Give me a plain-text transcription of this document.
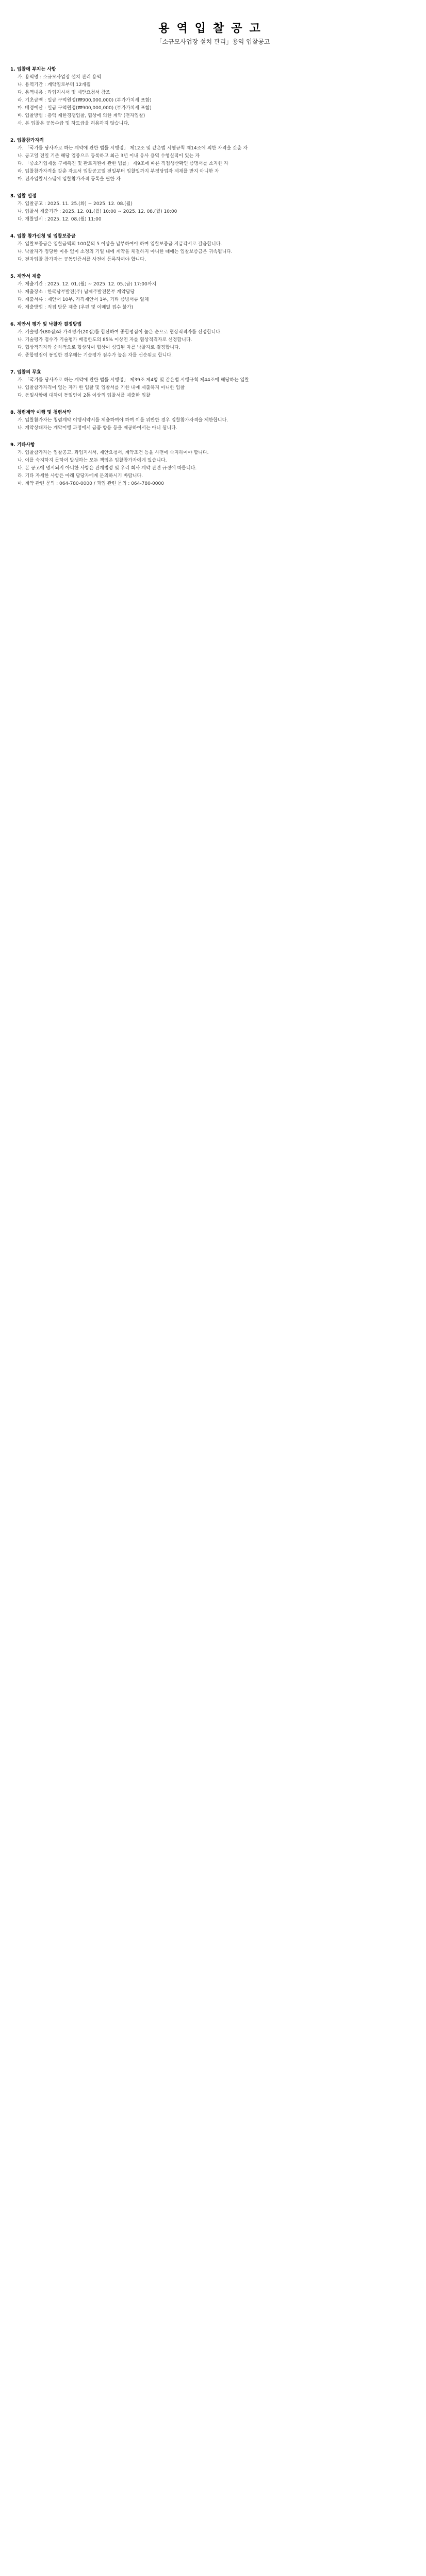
용역입찰공고
「소규모사업장 설치 관리」용역 입찰공고

1. 입찰에 부치는 사항

가. 용역명 : 소규모사업장 설치 관리 용역

나. 용역기간 : 계약일로부터 12개월

다. 용역내용 : 과업지시서 및 제안요청서 참조

라. 기초금액 : 일금 구억원정(₩900,000,000) (부가가치세 포함)

마. 배정예산 : 일금 구억원정(₩900,000,000) (부가가치세 포함)

바. 입찰방법 : 총액 제한경쟁입찰, 협상에 의한 계약 (전자입찰)

사. 본 입찰은 공동수급 및 하도급을 허용하지 않습니다.

2. 입찰참가자격

가. 「국가를 당사자로 하는 계약에 관한 법률 시행령」 제12조 및 같은법 시행규칙 제14조에 의한 자격을 갖춘 자

나. 공고일 전일 기준 해당 업종으로 등록하고 최근 3년 이내 유사 용역 수행실적이 있는 자

다. 「중소기업제품 구매촉진 및 판로지원에 관한 법률」 제9조에 따른 직접생산확인 증명서를 소지한 자

라. 입찰참가자격을 갖춘 자로서 입찰공고일 전일부터 입찰일까지 부정당업자 제재를 받지 아니한 자

마. 전자입찰시스템에 입찰참가자격 등록을 필한 자

3. 입찰 일정

가. 입찰공고 : 2025. 11. 25.(화) ~ 2025. 12. 08.(월)

나. 입찰서 제출기간 : 2025. 12. 01.(월) 10:00 ~ 2025. 12. 08.(월) 10:00

다. 개찰일시 : 2025. 12. 08.(월) 11:00

4. 입찰 참가신청 및 입찰보증금

가. 입찰보증금은 입찰금액의 100분의 5 이상을 납부하여야 하며 입찰보증금 지급각서로 갈음합니다.

나. 낙찰자가 정당한 이유 없이 소정의 기일 내에 계약을 체결하지 아니한 때에는 입찰보증금은 귀속됩니다.

다. 전자입찰 참가자는 공동인증서를 사전에 등록하여야 합니다.

5. 제안서 제출

가. 제출기간 : 2025. 12. 01.(월) ~ 2025. 12. 05.(금) 17:00까지

나. 제출장소 : 한국남부발전(주) 남제주발전본부 계약담당

다. 제출서류 : 제안서 10부, 가격제안서 1부, 기타 증빙서류 일체

라. 제출방법 : 직접 방문 제출 (우편 및 이메일 접수 불가)

6. 제안서 평가 및 낙찰자 결정방법

가. 기술평가(80점)와 가격평가(20점)를 합산하여 종합평점이 높은 순으로 협상적격자를 선정합니다.

나. 기술평가 점수가 기술평가 배점한도의 85% 이상인 자를 협상적격자로 선정합니다.

다. 협상적격자와 순차적으로 협상하여 협상이 성립된 자를 낙찰자로 결정합니다.

라. 종합평점이 동일한 경우에는 기술평가 점수가 높은 자를 선순위로 합니다.

7. 입찰의 무효

가. 「국가를 당사자로 하는 계약에 관한 법률 시행령」 제39조 제4항 및 같은법 시행규칙 제44조에 해당하는 입찰

나. 입찰참가자격이 없는 자가 한 입찰 및 입찰서를 기한 내에 제출하지 아니한 입찰

다. 동일사항에 대하여 동일인이 2통 이상의 입찰서를 제출한 입찰

8. 청렴계약 이행 및 청렴서약

가. 입찰참가자는 청렴계약 이행서약서를 제출하여야 하며 이를 위반한 경우 입찰참가자격을 제한합니다.

나. 계약상대자는 계약이행 과정에서 금품·향응 등을 제공하여서는 아니 됩니다.

9. 기타사항

가. 입찰참가자는 입찰공고, 과업지시서, 제안요청서, 계약조건 등을 사전에 숙지하여야 합니다.

나. 이를 숙지하지 못하여 발생하는 모든 책임은 입찰참가자에게 있습니다.

다. 본 공고에 명시되지 아니한 사항은 관계법령 및 우리 회사 계약 관련 규정에 따릅니다.

라. 기타 자세한 사항은 아래 담당자에게 문의하시기 바랍니다.

마. 계약 관련 문의 : 064-780-0000 / 과업 관련 문의 : 064-780-0000
